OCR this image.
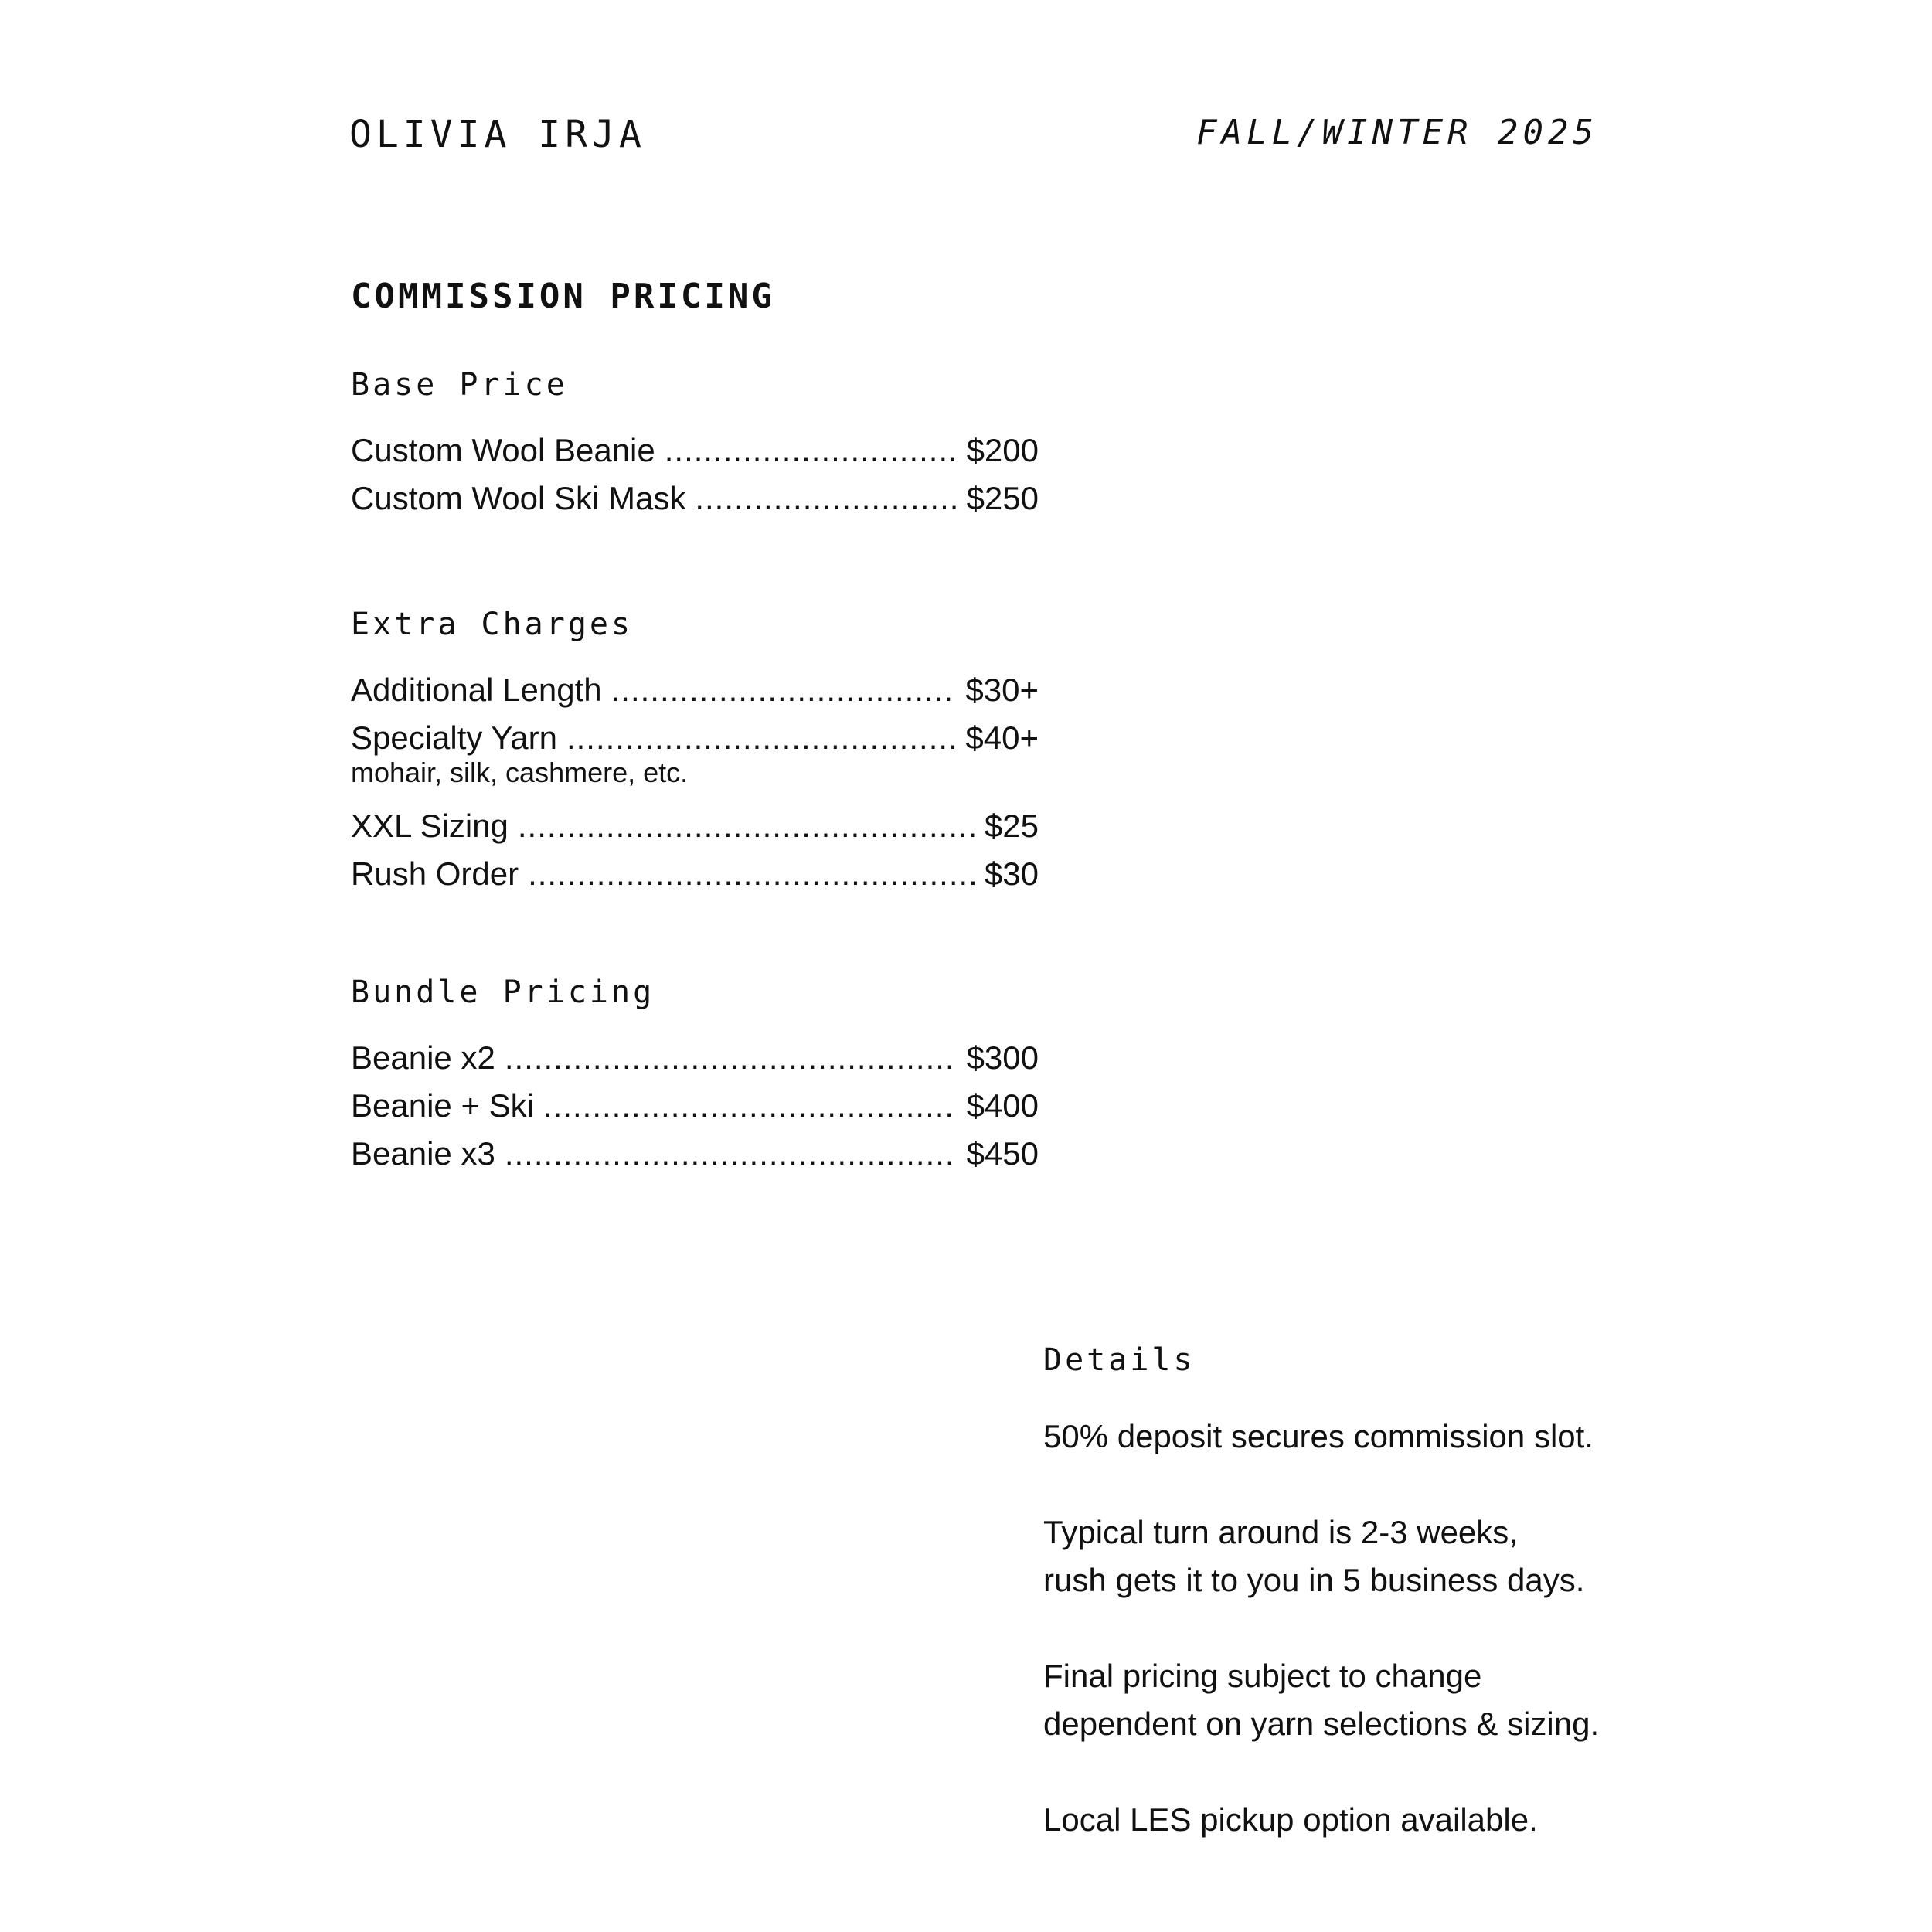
OLIVIA IRJA	FALL/WINTER 2025
COMMISSION PRICING
Base Price
Custom Wool Beanie .....	$200
Custom Wool Ski Mask .....	$250
Extra Charges
Additional Length .....	$30+
Specialty Yarn .....	$40+
mohair, silk, cashmere, etc.
XXL Sizing .....	$25
Rush Order .....	$30
Bundle Pricing
Beanie x2 .....	$300
Beanie + Ski .....	$400
Beanie x3 .....	$450
Details

50% deposit secures commission slot.

Typical turn around is 2-3 weeks,
rush gets it to you in 5 business days.

Final pricing subject to change
dependent on yarn selections & sizing.

Local LES pickup option available.
